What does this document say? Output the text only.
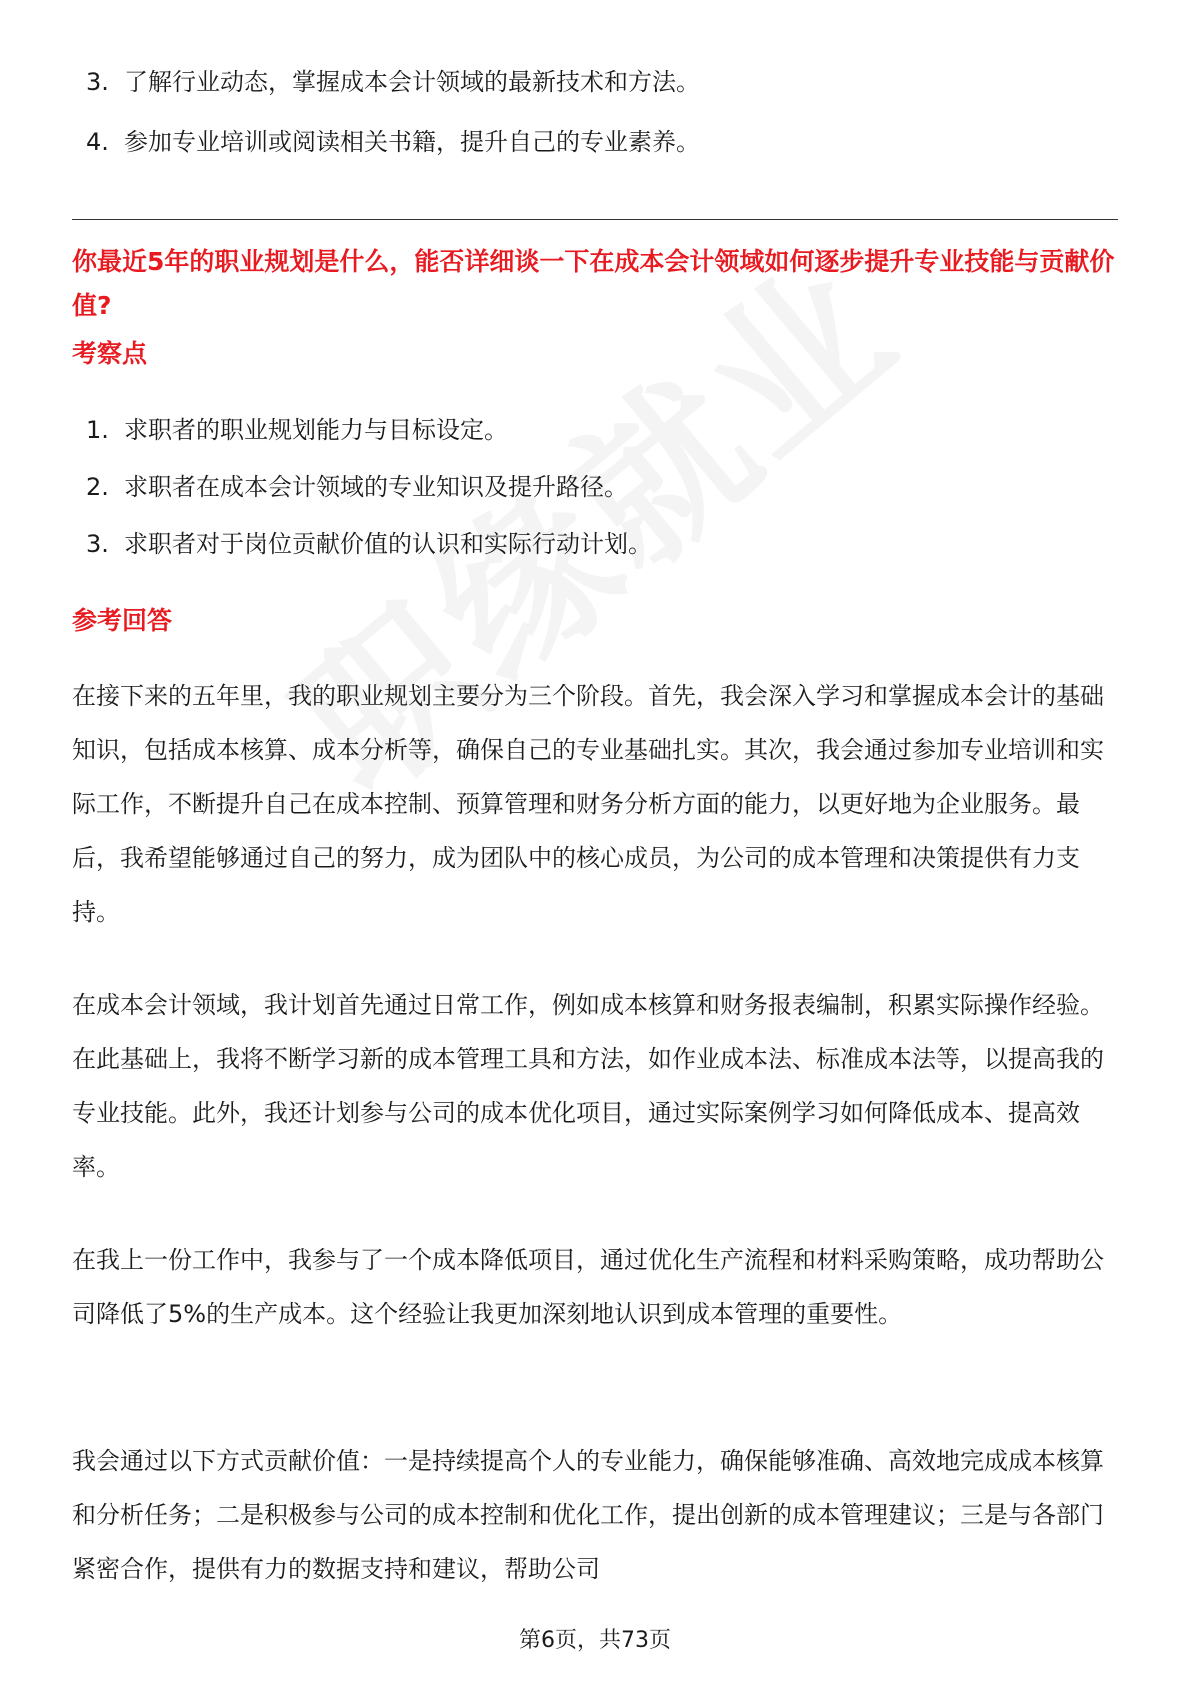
3. 了解行业动态，掌握成本会计领域的最新技术和方法。
4. 参加专业培训或阅读相关书籍，提升自己的专业素养。
你最近5年的职业规划是什么，能否详细谈一下在成本会计领域如何逐步提升专业技能与贡献价值?
考察点
1. 求职者的职业规划能力与目标设定。
2. 求职者在成本会计领域的专业知识及提升路径。
3. 求职者对于岗位贡献价值的认识和实际行动计划。
参考回答

在接下来的五年里，我的职业规划主要分为三个阶段。首先，我会深入学习和掌握成本会计的基础知识，包括成本核算、成本分析等，确保自己的专业基础扎实。其次，我会通过参加专业培训和实际工作，不断提升自己在成本控制、预算管理和财务分析方面的能力，以更好地为企业服务。最后，我希望能够通过自己的努力，成为团队中的核心成员，为公司的成本管理和决策提供有力支持。

在成本会计领域，我计划首先通过日常工作，例如成本核算和财务报表编制，积累实际操作经验。在此基础上，我将不断学习新的成本管理工具和方法，如作业成本法、标准成本法等，以提高我的专业技能。此外，我还计划参与公司的成本优化项目，通过实际案例学习如何降低成本、提高效率。

在我上一份工作中，我参与了一个成本降低项目，通过优化生产流程和材料采购策略，成功帮助公司降低了5%的生产成本。这个经验让我更加深刻地认识到成本管理的重要性。

我会通过以下方式贡献价值：一是持续提高个人的专业能力，确保能够准确、高效地完成成本核算和分析任务；二是积极参与公司的成本控制和优化工作，提出创新的成本管理建议；三是与各部门紧密合作，提供有力的数据支持和建议，帮助公司

第6页，共73页
